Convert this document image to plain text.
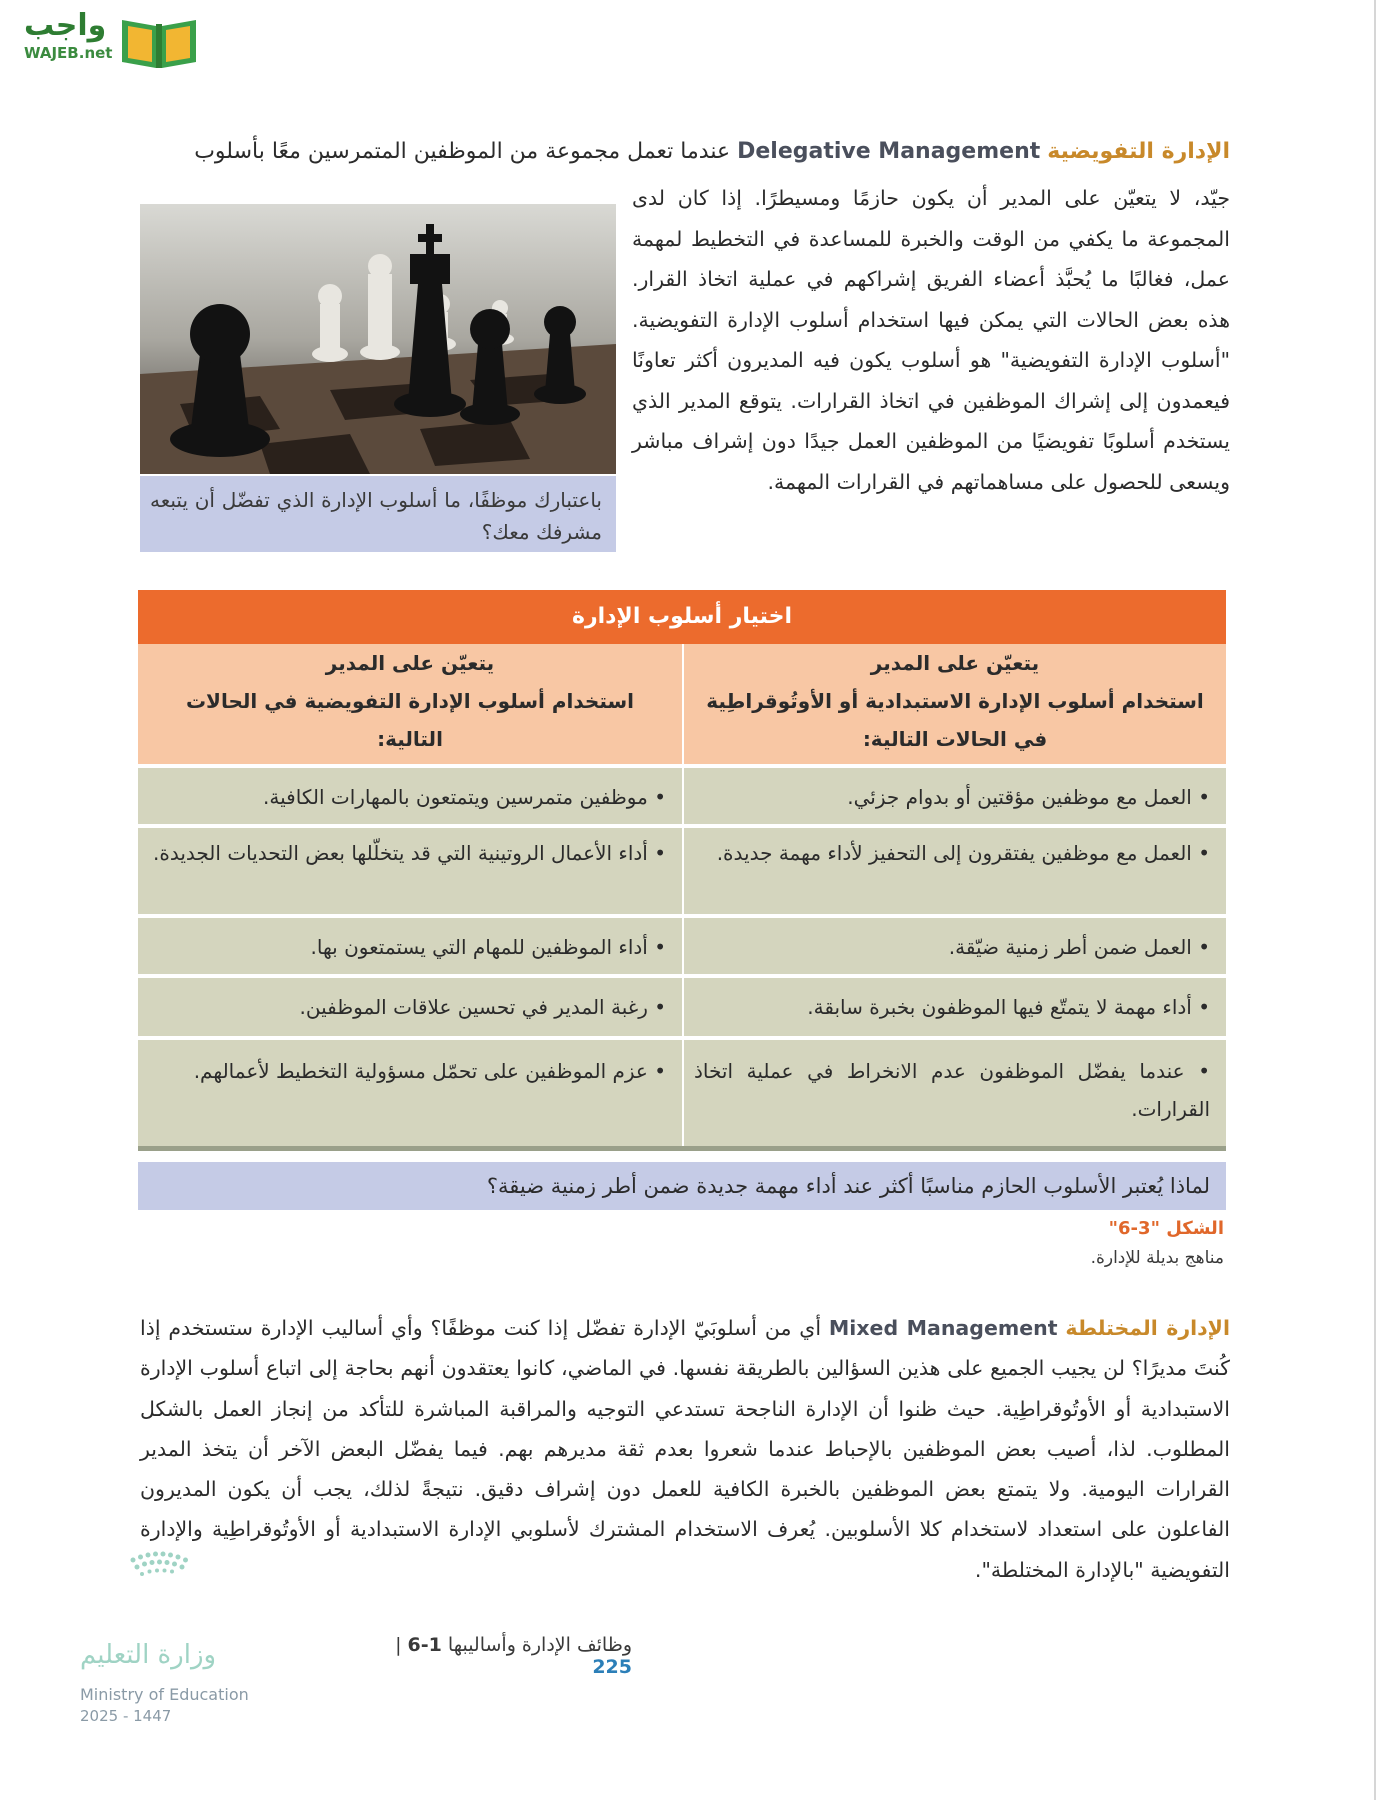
واجب
WAJEB.net
الإدارة التفويضية Delegative Management عندما تعمل مجموعة من الموظفين المتمرسين معًا بأسلوب
جيّد، لا يتعيّن على المدير أن يكون حازمًا ومسيطرًا. إذا كان لدى المجموعة ما يكفي من الوقت والخبرة للمساعدة في التخطيط لمهمة عمل، فغالبًا ما يُحبَّذ أعضاء الفريق إشراكهم في عملية اتخاذ القرار. هذه بعض الحالات التي يمكن فيها استخدام أسلوب الإدارة التفويضية. "أسلوب الإدارة التفويضية" هو أسلوب يكون فيه المديرون أكثر تعاونًا فيعمدون إلى إشراك الموظفين في اتخاذ القرارات. يتوقع المدير الذي يستخدم أسلوبًا تفويضيًا من الموظفين العمل جيدًا دون إشراف مباشر ويسعى للحصول على مساهماتهم في القرارات المهمة.
باعتبارك موظفًا، ما أسلوب الإدارة الذي تفضّل أن يتبعه مشرفك معك؟
اختيار أسلوب الإدارة
يتعيّن على المدير
استخدام أسلوب الإدارة الاستبدادية أو الأوتُوقراطِية
في الحالات التالية:
يتعيّن على المدير
استخدام أسلوب الإدارة التفويضية في الحالات
التالية:
• العمل مع موظفين مؤقتين أو بدوام جزئي.
• موظفين متمرسين ويتمتعون بالمهارات الكافية.
• العمل مع موظفين يفتقرون إلى التحفيز لأداء مهمة جديدة.
• أداء الأعمال الروتينية التي قد يتخلّلها بعض التحديات الجديدة.
• العمل ضمن أطر زمنية ضيّقة.
• أداء الموظفين للمهام التي يستمتعون بها.
• أداء مهمة لا يتمتّع فيها الموظفون بخبرة سابقة.
• رغبة المدير في تحسين علاقات الموظفين.
• عندما يفضّل الموظفون عدم الانخراط في عملية اتخاذ القرارات.
• عزم الموظفين على تحمّل مسؤولية التخطيط لأعمالهم.
لماذا يُعتبر الأسلوب الحازم مناسبًا أكثر عند أداء مهمة جديدة ضمن أطر زمنية ضيقة؟
الشكل "3-6"
مناهج بديلة للإدارة.
الإدارة المختلطة Mixed Management أي من أسلوبَيّ الإدارة تفضّل إذا كنت موظفًا؟ وأي أساليب الإدارة ستستخدم إذا كُنتَ مديرًا؟ لن يجيب الجميع على هذين السؤالين بالطريقة نفسها. في الماضي، كانوا يعتقدون أنهم بحاجة إلى اتباع أسلوب الإدارة الاستبدادية أو الأوتُوقراطِية. حيث ظنوا أن الإدارة الناجحة تستدعي التوجيه والمراقبة المباشرة للتأكد من إنجاز العمل بالشكل المطلوب. لذا، أصيب بعض الموظفين بالإحباط عندما شعروا بعدم ثقة مديرهم بهم. فيما يفضّل البعض الآخر أن يتخذ المدير القرارات اليومية. ولا يتمتع بعض الموظفين بالخبرة الكافية للعمل دون إشراف دقيق. نتيجةً لذلك، يجب أن يكون المديرون الفاعلون على استعداد لاستخدام كلا الأسلوبين. يُعرف الاستخدام المشترك لأسلوبي الإدارة الاستبدادية أو الأوتُوقراطِية والإدارة التفويضية "بالإدارة المختلطة".
وظائف الإدارة وأساليبها 1-6 | 225
وزارة التعليم
Ministry of Education
2025 - 1447
